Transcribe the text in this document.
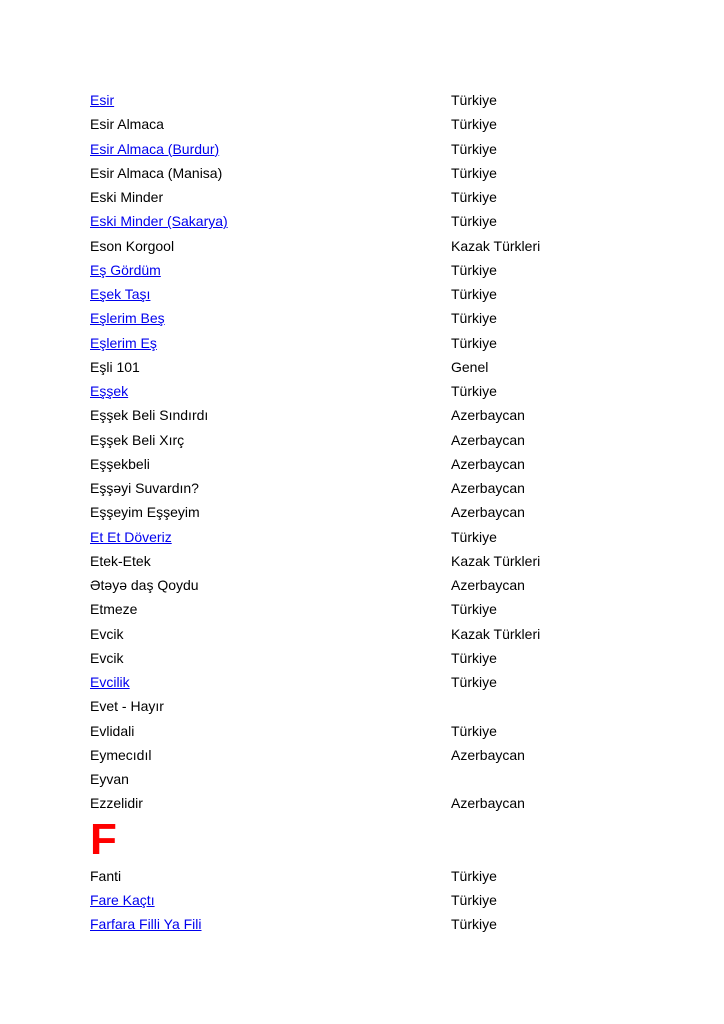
Esir	Türkiye
Esir Almaca	Türkiye
Esir Almaca (Burdur)	Türkiye
Esir Almaca (Manisa)	Türkiye
Eski Minder	Türkiye
Eski Minder (Sakarya)	Türkiye
Eson Korgool	Kazak Türkleri
Eş Gördüm	Türkiye
Eşek Taşı	Türkiye
Eşlerim Beş	Türkiye
Eşlerim Eş	Türkiye
Eşli 101	Genel
Eşşek	Türkiye
Eşşek Beli Sındırdı	Azerbaycan
Eşşek Beli Xırç	Azerbaycan
Eşşekbeli	Azerbaycan
Eşşəyi Suvardın?	Azerbaycan
Eşşeyim Eşşeyim	Azerbaycan
Et Et Döveriz	Türkiye
Etek-Etek	Kazak Türkleri
Ətəyə daş Qoydu	Azerbaycan
Etmeze	Türkiye
Evcik	Kazak Türkleri
Evcik	Türkiye
Evcilik	Türkiye
Evet - Hayır
Evlidali	Türkiye
Eymecıdıl	Azerbaycan
Eyvan
Ezzelidir	Azerbaycan
F
Fanti	Türkiye
Fare Kaçtı	Türkiye
Farfara Filli Ya Fili	Türkiye
